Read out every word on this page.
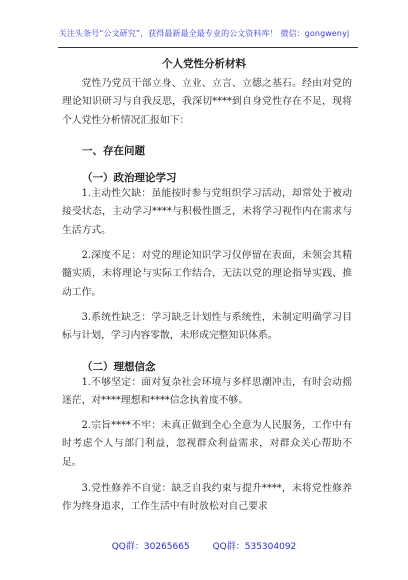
关注头条号“公文研究”，获得最新最全最专业的公文资料库！ 微信：gongwenyj
个人党性分析材料

党性乃党员干部立身、立业、立言、立德之基石。经由对党的理论知识研习与自我反思，我深切****到自身党性存在不足，现将个人党性分析情况汇报如下：

一、存在问题
（一）政治理论学习

1.主动性欠缺：虽能按时参与党组织学习活动，却常处于被动接受状态，主动学习****与积极性匮乏，未将学习视作内在需求与生活方式。

2.深度不足：对党的理论知识学习仅停留在表面，未领会其精髓实质，未将理论与实际工作结合，无法以党的理论指导实践、推动工作。

3.系统性缺乏：学习缺乏计划性与系统性，未制定明确学习目标与计划，学习内容零散，未形成完整知识体系。

（二）理想信念

1.不够坚定：面对复杂社会环境与多样思潮冲击，有时会动摇迷茫，对****理想和****信念执着度不够。

2.宗旨****不牢：未真正做到全心全意为人民服务，工作中有时考虑个人与部门利益，忽视群众利益需求，对群众关心帮助不足。

3.党性修养不自觉：缺乏自我约束与提升****，未将党性修养作为终身追求，工作生活中有时放松对自己要求

QQ群：30265665	QQ群：535304092
